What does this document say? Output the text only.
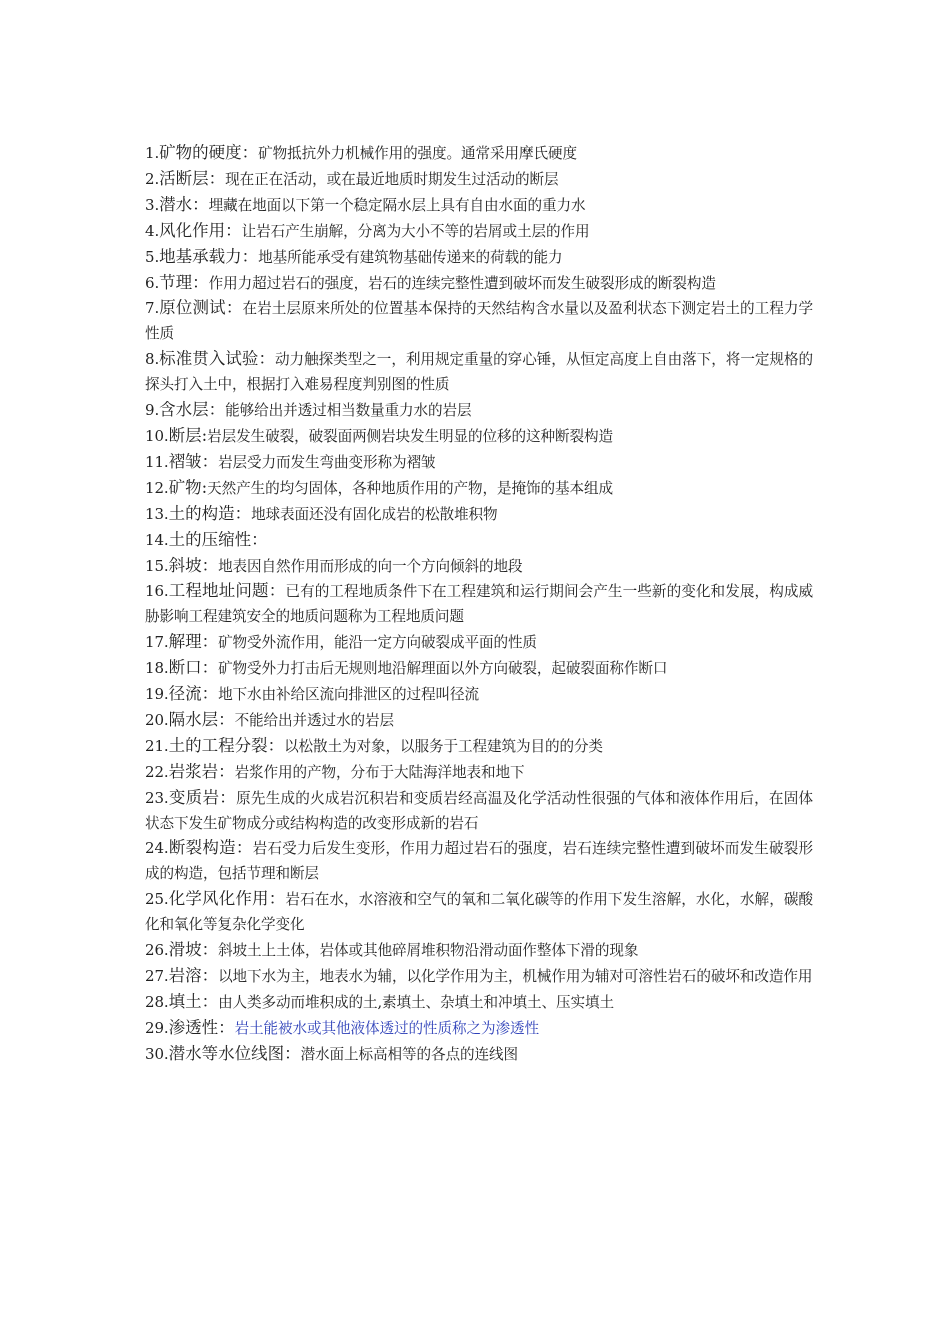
1.矿物的硬度：矿物抵抗外力机械作用的强度。通常采用摩氏硬度

2.活断层：现在正在活动，或在最近地质时期发生过活动的断层

3.潜水：埋藏在地面以下第一个稳定隔水层上具有自由水面的重力水

4.风化作用：让岩石产生崩解，分离为大小不等的岩屑或土层的作用

5.地基承载力：地基所能承受有建筑物基础传递来的荷载的能力

6.节理：作用力超过岩石的强度，岩石的连续完整性遭到破坏而发生破裂形成的断裂构造

7.原位测试：在岩土层原来所处的位置基本保持的天然结构含水量以及盈利状态下测定岩土的工程力学性质

8.标准贯入试验：动力触探类型之一，利用规定重量的穿心锤，从恒定高度上自由落下，将一定规格的探头打入土中，根据打入难易程度判别图的性质

9.含水层：能够给出并透过相当数量重力水的岩层

10.断层:岩层发生破裂，破裂面两侧岩块发生明显的位移的这种断裂构造

11.褶皱：岩层受力而发生弯曲变形称为褶皱

12.矿物:天然产生的均匀固体，各种地质作用的产物，是掩饰的基本组成

13.土的构造：地球表面还没有固化成岩的松散堆积物

14.土的压缩性：

15.斜坡：地表因自然作用而形成的向一个方向倾斜的地段

16.工程地址问题：已有的工程地质条件下在工程建筑和运行期间会产生一些新的变化和发展，构成威胁影响工程建筑安全的地质问题称为工程地质问题

17.解理：矿物受外流作用，能沿一定方向破裂成平面的性质

18.断口：矿物受外力打击后无规则地沿解理面以外方向破裂，起破裂面称作断口

19.径流：地下水由补给区流向排泄区的过程叫径流

20.隔水层：不能给出并透过水的岩层

21.土的工程分裂：以松散土为对象，以服务于工程建筑为目的的分类

22.岩浆岩：岩浆作用的产物，分布于大陆海洋地表和地下

23.变质岩：原先生成的火成岩沉积岩和变质岩经高温及化学活动性很强的气体和液体作用后，在固体状态下发生矿物成分或结构构造的改变形成新的岩石

24.断裂构造：岩石受力后发生变形，作用力超过岩石的强度，岩石连续完整性遭到破坏而发生破裂形成的构造，包括节理和断层

25.化学风化作用：岩石在水，水溶液和空气的氧和二氧化碳等的作用下发生溶解，水化，水解，碳酸化和氧化等复杂化学变化

26.滑坡：斜坡土上土体，岩体或其他碎屑堆积物沿滑动面作整体下滑的现象

27.岩溶：以地下水为主，地表水为辅，以化学作用为主，机械作用为辅对可溶性岩石的破坏和改造作用

28.填土：由人类多动而堆积成的土,素填土、杂填土和冲填土、压实填土

29.渗透性：岩土能被水或其他液体透过的性质称之为渗透性

30.潜水等水位线图：潜水面上标高相等的各点的连线图
